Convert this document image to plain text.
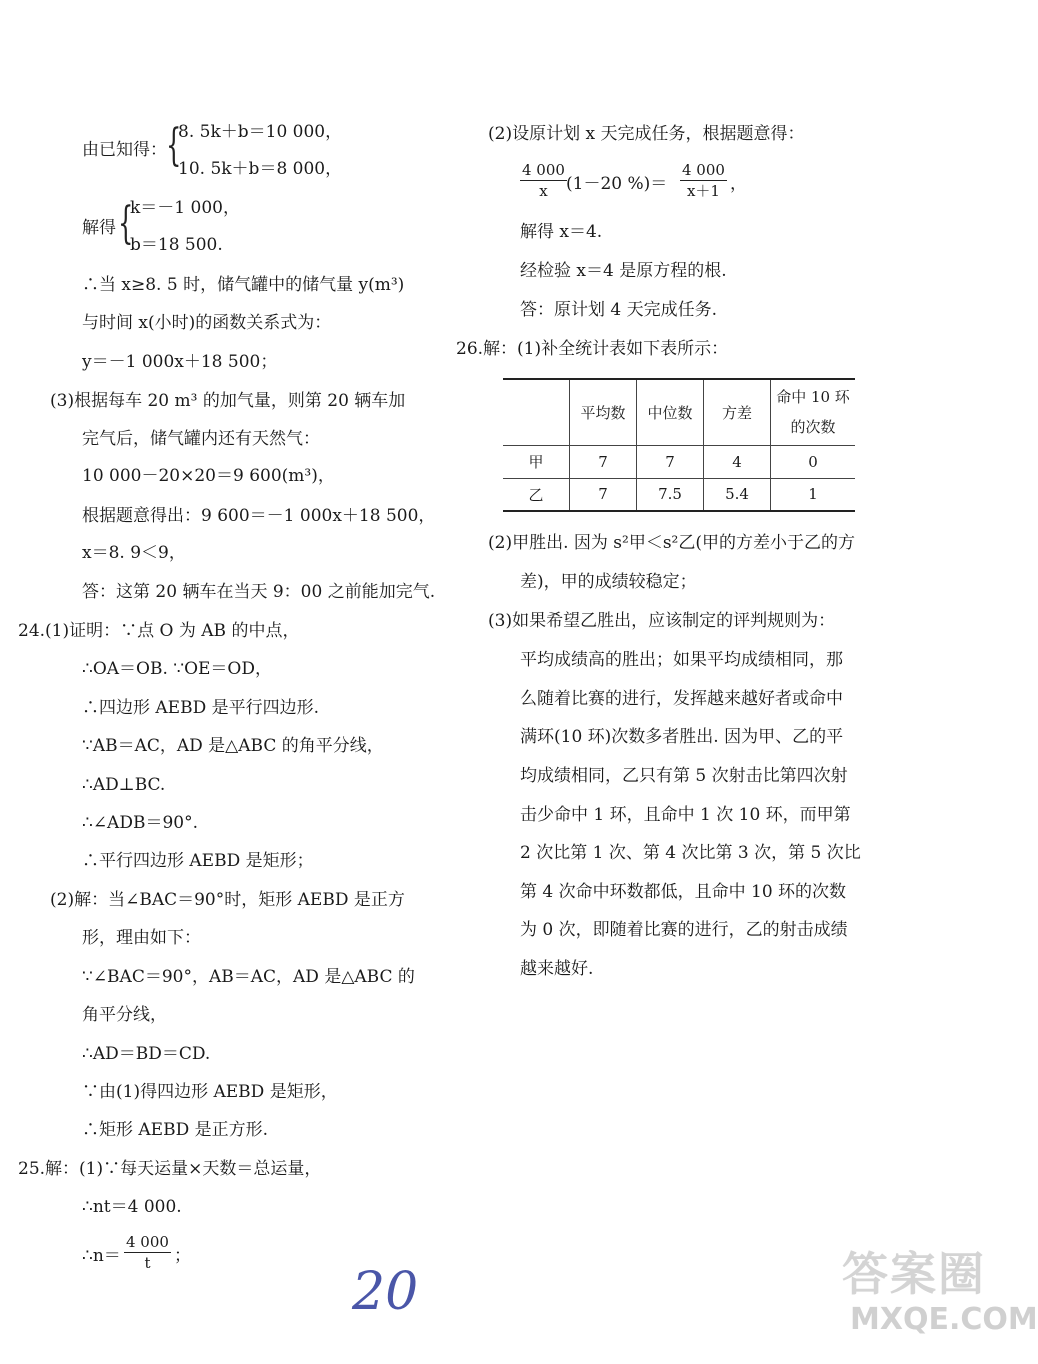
由已知得： {
8. 5k＋b＝10 000，
10. 5k＋b＝8 000，
解得 {
k＝－1 000，
b＝18 500.
∴当 x≥8. 5 时，储气罐中的储气量 y(m³)
与时间 x(小时)的函数关系式为：
y＝－1 000x＋18 500；
(3)根据每车 20 m³ 的加气量，则第 20 辆车加
完气后，储气罐内还有天然气：
10 000－20×20＝9 600(m³)，
根据题意得出：9 600＝－1 000x＋18 500，
x＝8. 9＜9，
答：这第 20 辆车在当天 9：00 之前能加完气.
24.(1)证明：∵点 O 为 AB 的中点，
∴OA＝OB. ∵OE＝OD，
∴四边形 AEBD 是平行四边形.
∵AB＝AC，AD 是△ABC 的角平分线，
∴AD⊥BC.
∴∠ADB＝90°.
∴平行四边形 AEBD 是矩形；
(2)解：当∠BAC＝90°时，矩形 AEBD 是正方
形，理由如下：
∵∠BAC＝90°，AB＝AC，AD 是△ABC 的
角平分线，
∴AD＝BD＝CD.
∵由(1)得四边形 AEBD 是矩形，
∴矩形 AEBD 是正方形.
25.解：(1)∵每天运量×天数＝总运量，
∴nt＝4 000.
∴n＝ $\frac{4 000}{t}$ ；
(2)设原计划 x 天完成任务，根据题意得：
$\frac{4 000}{x} (1-20$ %)＝ $\frac{4 000}{x+1}$ ，
解得 x＝4.
经检验 x＝4 是原方程的根.
答：原计划 4 天完成任务.
26.解：(1)补全统计表如下表所示：
	平均数	中位数	方差	命中 10 环
的次数
甲	7	7	4	0
乙	7	7.5	5.4	1
(2)甲胜出. 因为 s²甲＜s²乙(甲的方差小于乙的方
差)，甲的成绩较稳定；
(3)如果希望乙胜出，应该制定的评判规则为：
平均成绩高的胜出；如果平均成绩相同，那
么随着比赛的进行，发挥越来越好者或命中
满环(10 环)次数多者胜出. 因为甲、乙的平
均成绩相同，乙只有第 5 次射击比第四次射
击少命中 1 环，且命中 1 次 10 环，而甲第
2 次比第 1 次、第 4 次比第 3 次，第 5 次比
第 4 次命中环数都低，且命中 10 环的次数
为 0 次，即随着比赛的进行，乙的射击成绩
越来越好.
20	答案圈
MXQE.COM
